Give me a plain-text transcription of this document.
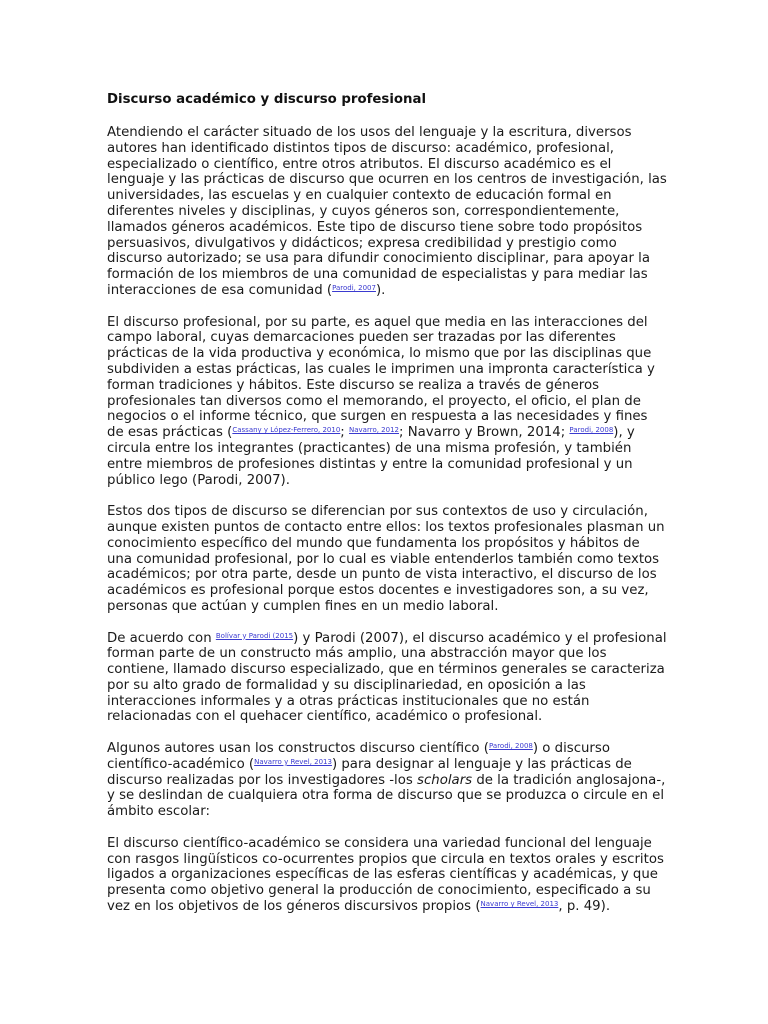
Discurso académico y discurso profesional

Atendiendo el carácter situado de los usos del lenguaje y la escritura, diversos autores han identificado distintos tipos de discurso: académico, profesional, especializado o científico, entre otros atributos. El discurso académico es el lenguaje y las prácticas de discurso que ocurren en los centros de investigación, las universidades, las escuelas y en cualquier contexto de educación formal en diferentes niveles y disciplinas, y cuyos géneros son, correspondientemente, llamados géneros académicos. Este tipo de discurso tiene sobre todo propósitos persuasivos, divulgativos y didácticos; expresa credibilidad y prestigio como discurso autorizado; se usa para difundir conocimiento disciplinar, para apoyar la formación de los miembros de una comunidad de especialistas y para mediar las interacciones de esa comunidad ($^{Parodi, 2007}$).

El discurso profesional, por su parte, es aquel que media en las interacciones del campo laboral, cuyas demarcaciones pueden ser trazadas por las diferentes prácticas de la vida productiva y económica, lo mismo que por las disciplinas que subdividen a estas prácticas, las cuales le imprimen una impronta característica y forman tradiciones y hábitos. Este discurso se realiza a través de géneros profesionales tan diversos como el memorando, el proyecto, el oficio, el plan de negocios o el informe técnico, que surgen en respuesta a las necesidades y fines de esas prácticas ($^{Cassany y López-Ferrero, 2010}$; $^{Navarro, 2012}$; Navarro y Brown, 2014; $^{Parodi, 2008}$), y circula entre los integrantes (practicantes) de una misma profesión, y también entre miembros de profesiones distintas y entre la comunidad profesional y un público lego (Parodi, 2007).

Estos dos tipos de discurso se diferencian por sus contextos de uso y circulación, aunque existen puntos de contacto entre ellos: los textos profesionales plasman un conocimiento específico del mundo que fundamenta los propósitos y hábitos de una comunidad profesional, por lo cual es viable entenderlos también como textos académicos; por otra parte, desde un punto de vista interactivo, el discurso de los académicos es profesional porque estos docentes e investigadores son, a su vez, personas que actúan y cumplen fines en un medio laboral.

De acuerdo con $^{Bolívar y Parodi (2015}$) y Parodi (2007), el discurso académico y el profesional forman parte de un constructo más amplio, una abstracción mayor que los contiene, llamado discurso especializado, que en términos generales se caracteriza por su alto grado de formalidad y su disciplinariedad, en oposición a las interacciones informales y a otras prácticas institucionales que no están relacionadas con el quehacer científico, académico o profesional.

Algunos autores usan los constructos discurso científico ($^{Parodi, 2008}$) o discurso científico-académico ($^{Navarro y Revel, 2013}$) para designar al lenguaje y las prácticas de discurso realizadas por los investigadores -los scholars de la tradición anglosajona-, y se deslindan de cualquiera otra forma de discurso que se produzca o circule en el ámbito escolar:

El discurso científico-académico se considera una variedad funcional del lenguaje con rasgos lingüísticos co-ocurrentes propios que circula en textos orales y escritos ligados a organizaciones específicas de las esferas científicas y académicas, y que presenta como objetivo general la producción de conocimiento, especificado a su vez en los objetivos de los géneros discursivos propios ($^{Navarro y Revel, 2013}$, p. 49).
